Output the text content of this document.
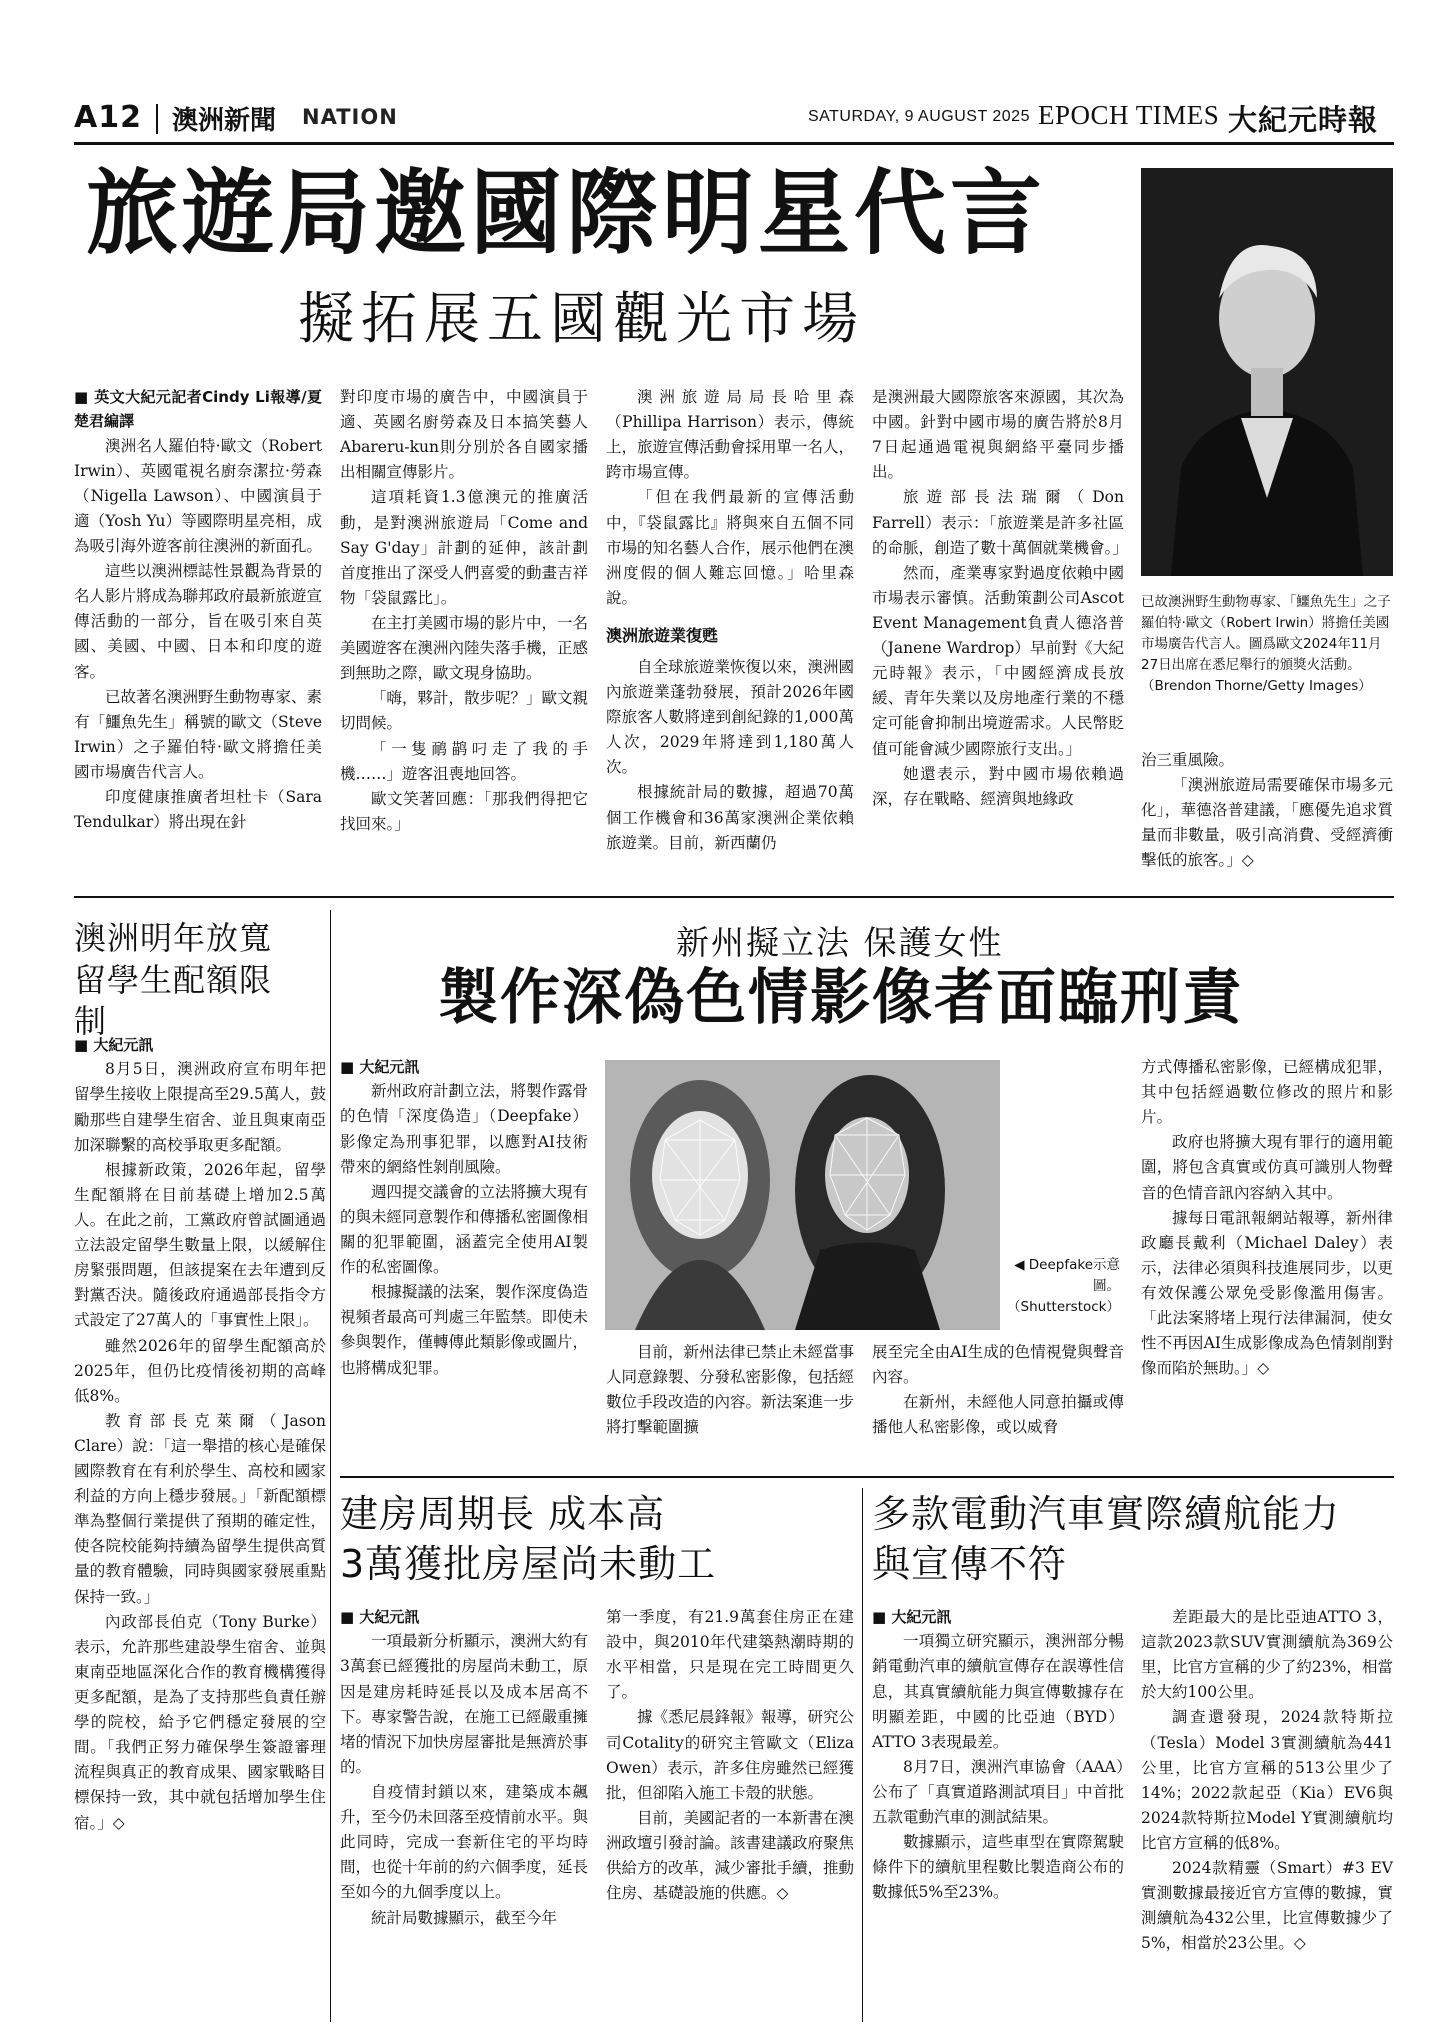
A12 澳洲新聞 NATION	SATURDAY, 9 AUGUST 2025 EPOCH TIMES 大紀元時報
旅遊局邀國際明星代言
擬拓展五國觀光市場
已故澳洲野生動物專家、「鱷魚先生」之子羅伯特·歐文（Robert Irwin）將擔任美國市場廣告代言人。圖爲歐文2024年11月27日出席在悉尼舉行的頒獎火活動。（Brendon Thorne/Getty Images）
■ 英文大紀元記者Cindy Li報導/夏楚君編譯

澳洲名人羅伯特·歐文（Robert Irwin）、英國電視名廚奈潔拉·勞森（Nigella Lawson）、中國演員于適（Yosh Yu）等國際明星亮相，成為吸引海外遊客前往澳洲的新面孔。

這些以澳洲標誌性景觀為背景的名人影片將成為聯邦政府最新旅遊宣傳活動的一部分，旨在吸引來自英國、美國、中國、日本和印度的遊客。

已故著名澳洲野生動物專家、素有「鱷魚先生」稱號的歐文（Steve Irwin）之子羅伯特·歐文將擔任美國市場廣告代言人。

印度健康推廣者坦杜卡（Sara Tendulkar）將出現在針

對印度市場的廣告中，中國演員于適、英國名廚勞森及日本搞笑藝人Abareru-kun則分別於各自國家播出相關宣傳影片。

這項耗資1.3億澳元的推廣活動，是對澳洲旅遊局「Come and Say G'day」計劃的延伸，該計劃首度推出了深受人們喜愛的動畫吉祥物「袋鼠露比」。

在主打美國市場的影片中，一名美國遊客在澳洲內陸失落手機，正感到無助之際，歐文現身協助。

「嗨，夥計，散步呢？」歐文親切問候。

「一隻鸸鹋叼走了我的手機……」遊客沮喪地回答。

歐文笑著回應：「那我們得把它找回來。」

澳洲旅遊局局長哈里森（Phillipa Harrison）表示，傳統上，旅遊宣傳活動會採用單一名人，跨市場宣傳。

「但在我們最新的宣傳活動中，『袋鼠露比』將與來自五個不同市場的知名藝人合作，展示他們在澳洲度假的個人難忘回憶。」哈里森說。

澳洲旅遊業復甦

自全球旅遊業恢復以來，澳洲國內旅遊業蓬勃發展，預計2026年國際旅客人數將達到創紀錄的1,000萬人次，2029年將達到1,180萬人次。

根據統計局的數據，超過70萬個工作機會和36萬家澳洲企業依賴旅遊業。目前，新西蘭仍

是澳洲最大國際旅客來源國，其次為中國。針對中國市場的廣告將於8月7日起通過電視與網絡平臺同步播出。

旅遊部長法瑞爾（Don Farrell）表示：「旅遊業是許多社區的命脈，創造了數十萬個就業機會。」

然而，產業專家對過度依賴中國市場表示審慎。活動策劃公司Ascot Event Management負責人德洛普（Janene Wardrop）早前對《大紀元時報》表示，「中國經濟成長放緩、青年失業以及房地產行業的不穩定可能會抑制出境遊需求。人民幣貶值可能會減少國際旅行支出。」

她還表示，對中國市場依賴過深，存在戰略、經濟與地緣政

治三重風險。

「澳洲旅遊局需要確保市場多元化」，華德洛普建議，「應優先追求質量而非數量，吸引高消費、受經濟衝擊低的旅客。」◇

澳洲明年放寬留學生配額限制
■ 大紀元訊

8月5日，澳洲政府宣布明年把留學生接收上限提高至29.5萬人，鼓勵那些自建學生宿舍、並且與東南亞加深聯繫的高校爭取更多配額。

根據新政策，2026年起，留學生配額將在目前基礎上增加2.5萬人。在此之前，工黨政府曾試圖通過立法設定留學生數量上限，以緩解住房緊張問題，但該提案在去年遭到反對黨否決。隨後政府通過部長指令方式設定了27萬人的「事實性上限」。

雖然2026年的留學生配額高於2025年，但仍比疫情後初期的高峰低8%。

教育部長克萊爾（Jason Clare）說：「這一舉措的核心是確保國際教育在有利於學生、高校和國家利益的方向上穩步發展。」「新配額標準為整個行業提供了預期的確定性，使各院校能夠持續為留學生提供高質量的教育體驗，同時與國家發展重點保持一致。」

內政部長伯克（Tony Burke）表示，允許那些建設學生宿舍、並與東南亞地區深化合作的教育機構獲得更多配額，是為了支持那些負責任辦學的院校，給予它們穩定發展的空間。「我們正努力確保學生簽證審理流程與真正的教育成果、國家戰略目標保持一致，其中就包括增加學生住宿。」◇

新州擬立法 保護女性
製作深偽色情影像者面臨刑責
■ 大紀元訊

新州政府計劃立法，將製作露骨的色情「深度偽造」（Deepfake）影像定為刑事犯罪，以應對AI技術帶來的網絡性剝削風險。

週四提交議會的立法將擴大現有的與未經同意製作和傳播私密圖像相關的犯罪範圍，涵蓋完全使用AI製作的私密圖像。

根據擬議的法案，製作深度偽造視頻者最高可判處三年監禁。即使未參與製作，僅轉傳此類影像或圖片，也將構成犯罪。

◀ Deepfake示意圖。（Shutterstock）

目前，新州法律已禁止未經當事人同意錄製、分發私密影像，包括經數位手段改造的內容。新法案進一步將打擊範圍擴

展至完全由AI生成的色情視覺與聲音內容。

在新州，未經他人同意拍攝或傳播他人私密影像，或以威脅

方式傳播私密影像，已經構成犯罪，其中包括經過數位修改的照片和影片。

政府也將擴大現有罪行的適用範圍，將包含真實或仿真可識別人物聲音的色情音訊內容納入其中。

據每日電訊報網站報導，新州律政廳長戴利（Michael Daley）表示，法律必須與科技進展同步，以更有效保護公眾免受影像濫用傷害。「此法案將堵上現行法律漏洞，使女性不再因AI生成影像成為色情剝削對像而陷於無助。」◇

建房周期長 成本高
3萬獲批房屋尚未動工
■ 大紀元訊

一項最新分析顯示，澳洲大約有3萬套已經獲批的房屋尚未動工，原因是建房耗時延長以及成本居高不下。專家警告說，在施工已經嚴重擁堵的情況下加快房屋審批是無濟於事的。

自疫情封鎖以來，建築成本飆升，至今仍未回落至疫情前水平。與此同時，完成一套新住宅的平均時間，也從十年前的約六個季度，延長至如今的九個季度以上。

統計局數據顯示，截至今年

第一季度，有21.9萬套住房正在建設中，與2010年代建築熱潮時期的水平相當，只是現在完工時間更久了。

據《悉尼晨鋒報》報導，研究公司Cotality的研究主管歐文（Eliza Owen）表示，許多住房雖然已經獲批，但卻陷入施工卡殼的狀態。

目前，美國記者的一本新書在澳洲政壇引發討論。該書建議政府聚焦供給方的改革，減少審批手續，推動住房、基礎設施的供應。◇

多款電動汽車實際續航能力
與宣傳不符
■ 大紀元訊

一項獨立研究顯示，澳洲部分暢銷電動汽車的續航宣傳存在誤導性信息，其真實續航能力與宣傳數據存在明顯差距，中國的比亞迪（BYD）ATTO 3表現最差。

8月7日，澳洲汽車協會（AAA）公布了「真實道路測試項目」中首批五款電動汽車的測試結果。

數據顯示，這些車型在實際駕駛條件下的續航里程數比製造商公布的數據低5%至23%。

差距最大的是比亞迪ATTO 3，這款2023款SUV實測續航為369公里，比官方宣稱的少了約23%，相當於大約100公里。

調查還發現，2024款特斯拉（Tesla）Model 3實測續航為441公里，比官方宣稱的513公里少了14%；2022款起亞（Kia）EV6與2024款特斯拉Model Y實測續航均比官方宣稱的低8%。

2024款精靈（Smart）#3 EV實測數據最接近官方宣傳的數據，實測續航為432公里，比宣傳數據少了5%，相當於23公里。◇
